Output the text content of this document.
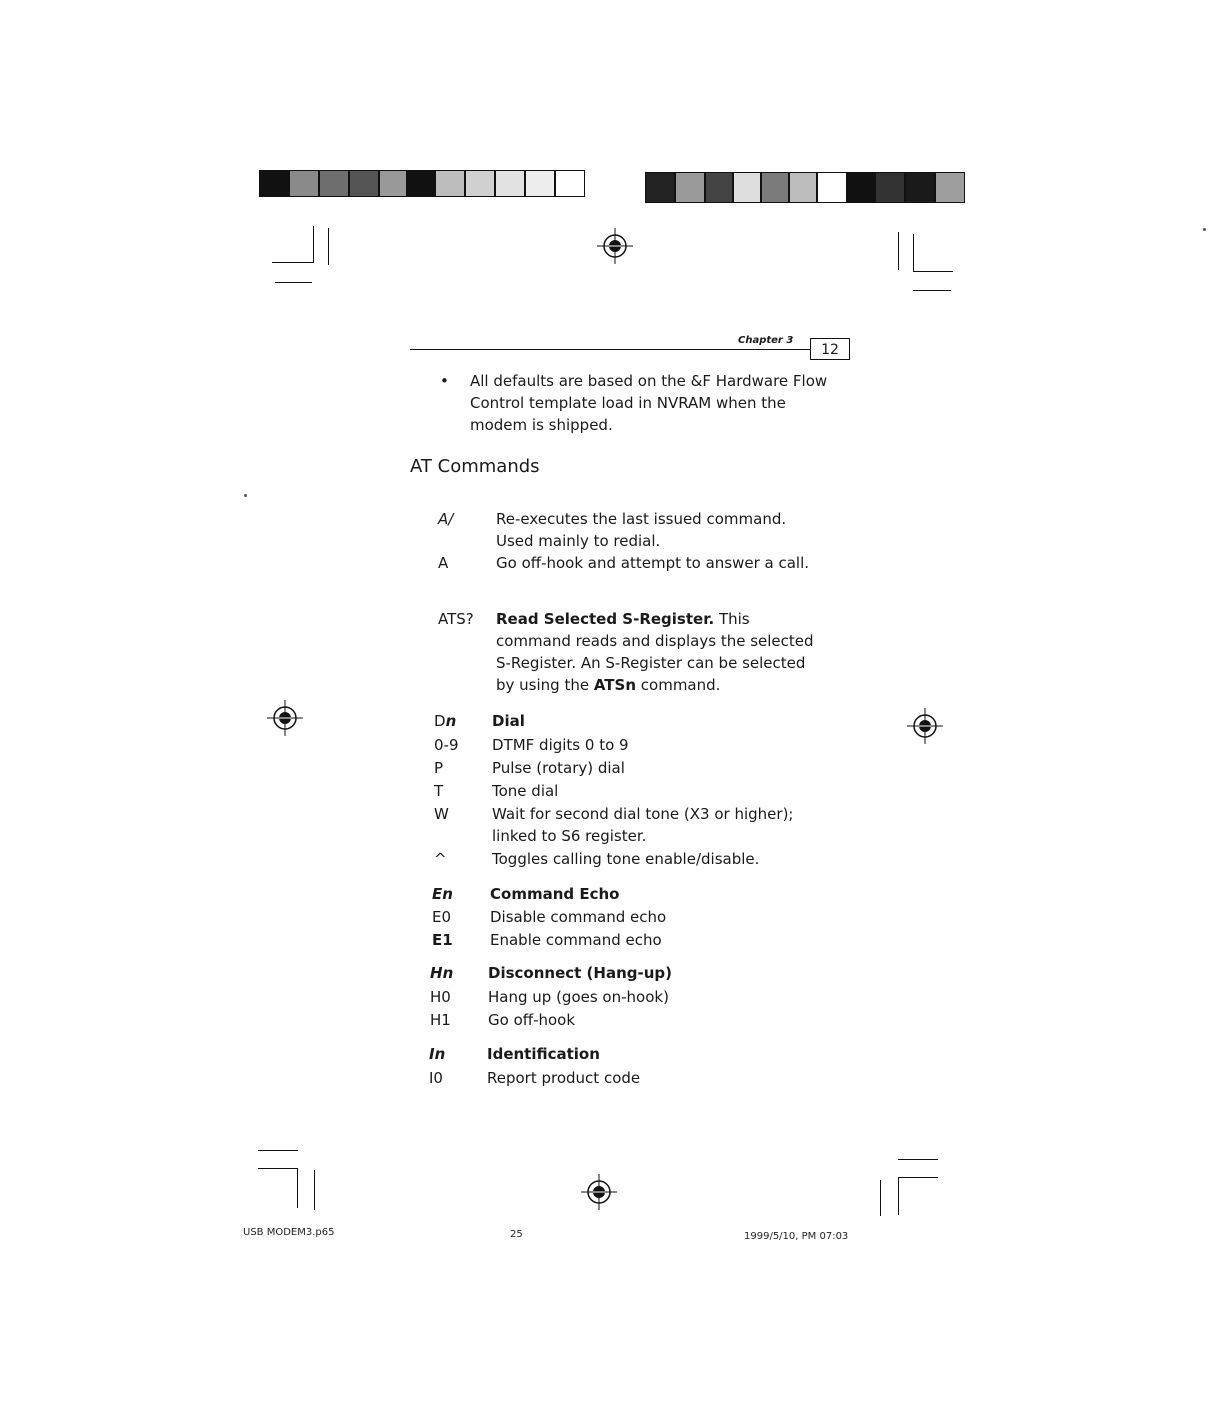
Chapter 3
12
• All defaults are based on the &F Hardware Flow Control template load in NVRAM when the modem is shipped.
AT Commands
A/	Re-executes the last issued command. Used mainly to redial.
A	Go off-hook and attempt to answer a call.
ATS?	Read Selected S-Register. This command reads and displays the selected S-Register. An S-Register can be selected by using the ATSn command.
Dn	Dial
0-9	DTMF digits 0 to 9
P	Pulse (rotary) dial
T	Tone dial
W	Wait for second dial tone (X3 or higher); linked to S6 register.
^	Toggles calling tone enable/disable.
En	Command Echo
E0	Disable command echo
E1	Enable command echo
Hn	Disconnect (Hang-up)
H0	Hang up (goes on-hook)
H1	Go off-hook
In	Identification
I0	Report product code
USB MODEM3.p65	25	1999/5/10, PM 07:03
